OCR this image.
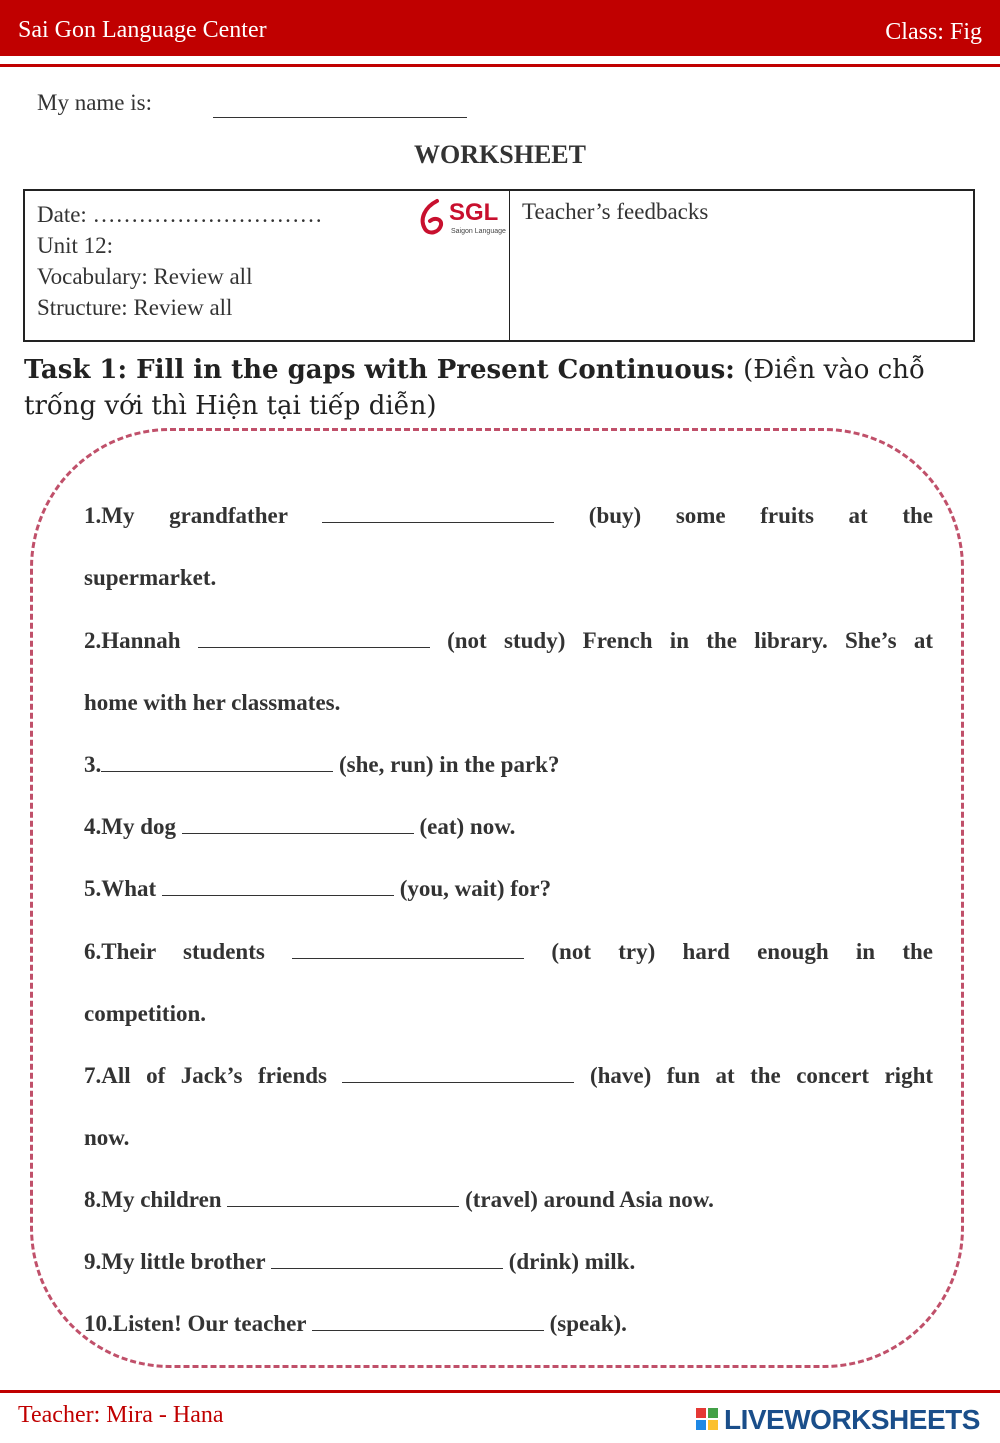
Sai Gon Language Center	Class: Fig
My name is:
WORKSHEET
Date: …………………………
Unit 12:
Vocabulary: Review all
Structure: Review all
SGL
Saigon Language
Teacher’s feedbacks
Task 1: Fill in the gaps with Present Continuous: (Điền vào chỗ trống với thì Hiện tại tiếp diễn)
1.My grandfather	(buy) some fruits at the
supermarket.
2.Hannah	(not study) French in the library. She’s at
home with her classmates.
3.	(she, run) in the park?
4.My dog	(eat) now.
5.What	(you, wait) for?
6.Their students	(not try) hard enough in the
competition.
7.All of Jack’s friends	(have) fun at the concert right
now.
8.My children	(travel) around Asia now.
9.My little brother	(drink) milk.
10.Listen! Our teacher	(speak).
Teacher: Mira - Hana	LIVEWORKSHEETS
